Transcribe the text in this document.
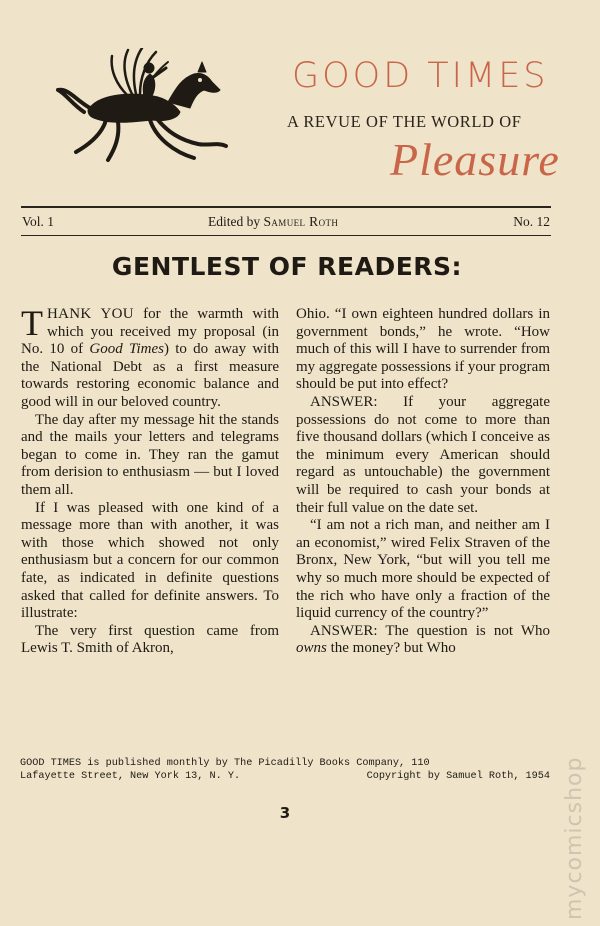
GOOD TIMES
A REVUE OF THE WORLD OF
Pleasure
Vol. 1	Edited by Samuel Roth	No. 12
GENTLEST OF READERS:

THANK YOU for the warmth with which you received my proposal (in No. 10 of Good Times) to do away with the National Debt as a first measure towards restoring economic balance and good will in our beloved country.

The day after my message hit the stands and the mails your letters and telegrams began to come in. They ran the gamut from derision to enthusiasm — but I loved them all.

If I was pleased with one kind of a message more than with another, it was with those which showed not only enthusiasm but a concern for our common fate, as indicated in definite questions asked that called for definite answers. To illustrate:

The very first question came from Lewis T. Smith of Akron,

Ohio. “I own eighteen hundred dollars in government bonds,” he wrote. “How much of this will I have to surrender from my aggregate possessions if your program should be put into effect?

ANSWER: If your aggregate possessions do not come to more than five thousand dollars (which I conceive as the minimum every American should regard as untouchable) the government will be required to cash your bonds at their full value on the date set.

“I am not a rich man, and neither am I an economist,” wired Felix Straven of the Bronx, New York, “but will you tell me why so much more should be expected of the rich who have only a fraction of the liquid currency of the country?”

ANSWER: The question is not Who owns the money? but Who

GOOD TIMES is published monthly by The Picadilly Books Company, 110
Lafayette Street, New York 13, N. Y.	Copyright by Samuel Roth, 1954
3	mycomicshop
